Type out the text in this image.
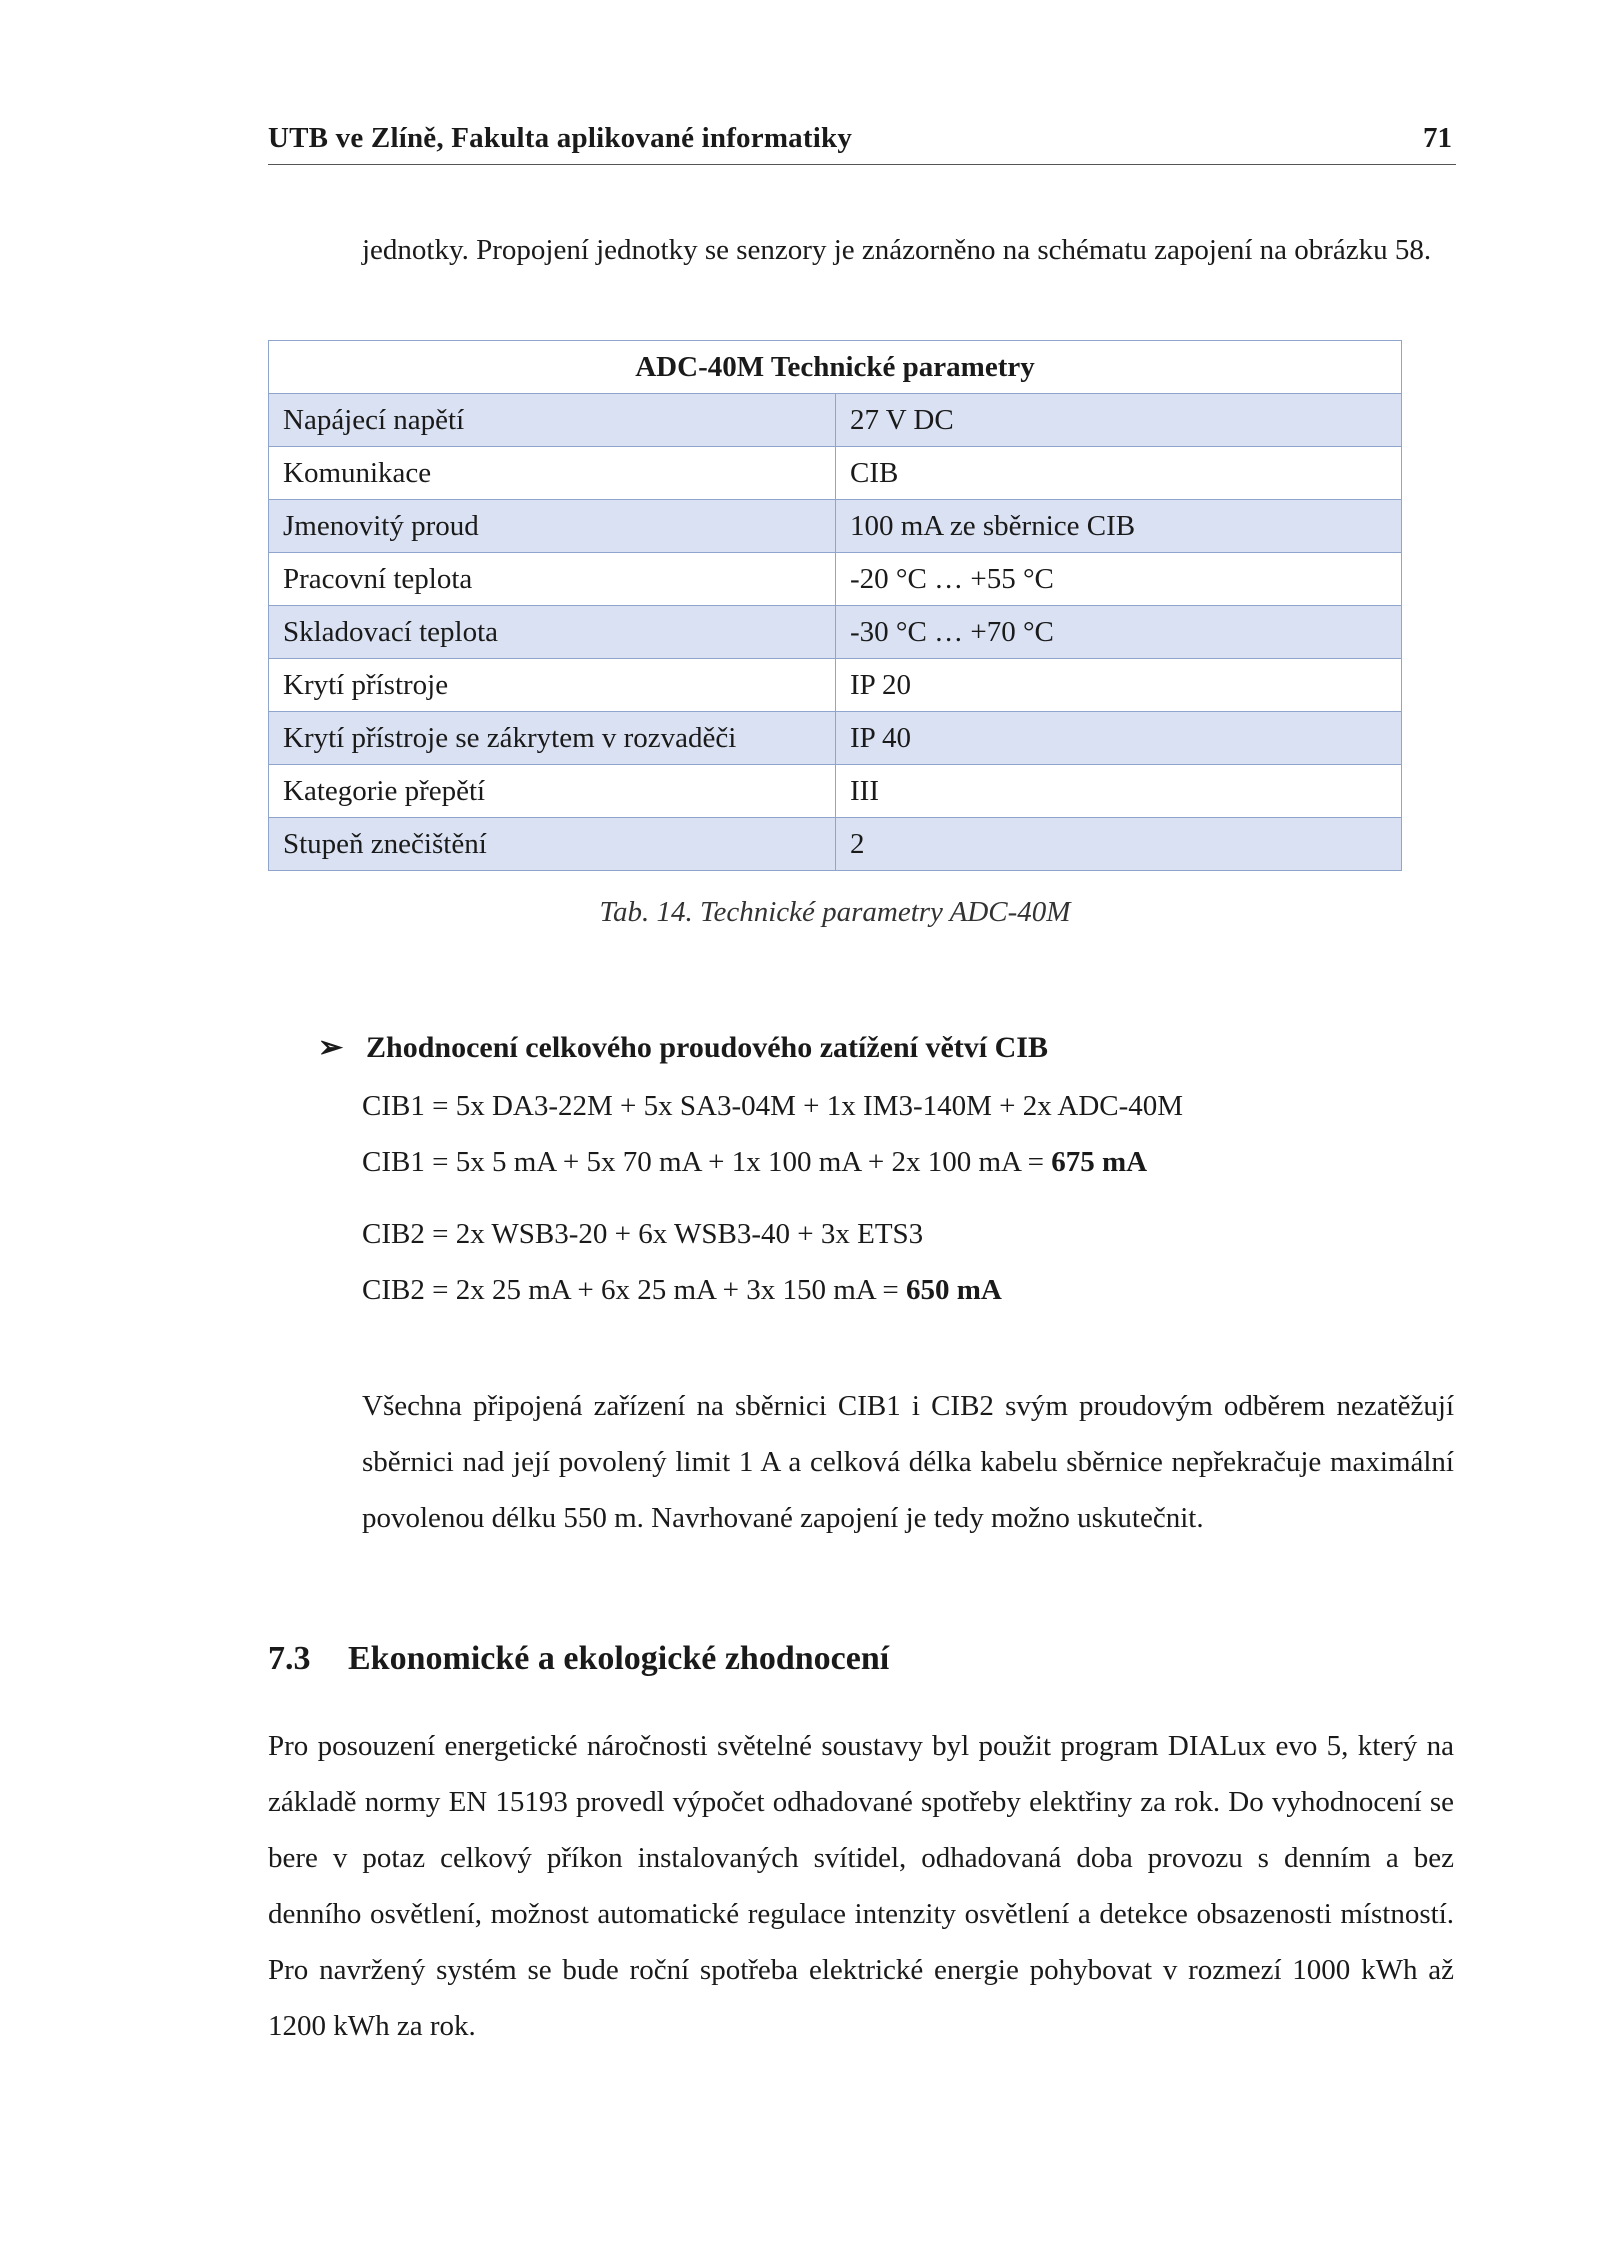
UTB ve Zlíně, Fakulta aplikované informatiky	71
jednotky. Propojení jednotky se senzory je znázorněno na schématu zapojení na obrázku 58.
ADC-40M Technické parametry	
Napájecí napětí	27 V DC
Komunikace	CIB
Jmenovitý proud	100 mA ze sběrnice CIB
Pracovní teplota	-20 °C … +55 °C
Skladovací teplota	-30 °C … +70 °C
Krytí přístroje	IP 20
Krytí přístroje se zákrytem v rozvaděči	IP 40
Kategorie přepětí	III
Stupeň znečištění	2
Tab. 14. Technické parametry ADC-40M
➢ Zhodnocení celkového proudového zatížení větví CIB
CIB1 = 5x DA3-22M + 5x SA3-04M + 1x IM3-140M + 2x ADC-40M
CIB1 = 5x 5 mA + 5x 70 mA + 1x 100 mA + 2x 100 mA = 675 mA
CIB2 = 2x WSB3-20 + 6x WSB3-40 + 3x ETS3
CIB2 = 2x 25 mA + 6x 25 mA + 3x 150 mA = 650 mA
Všechna připojená zařízení na sběrnici CIB1 i CIB2 svým proudovým odběrem nezatěžují sběrnici nad její povolený limit 1 A a celková délka kabelu sběrnice nepřekračuje maximální povolenou délku 550 m. Navrhované zapojení je tedy možno uskutečnit.
7.3 Ekonomické a ekologické zhodnocení
Pro posouzení energetické náročnosti světelné soustavy byl použit program DIALux evo 5, který na základě normy EN 15193 provedl výpočet odhadované spotřeby elektřiny za rok. Do vyhodnocení se bere v potaz celkový příkon instalovaných svítidel, odhadovaná doba provozu s denním a bez denního osvětlení, možnost automatické regulace intenzity osvětlení a detekce obsazenosti místností. Pro navržený systém se bude roční spotřeba elektrické energie pohybovat v rozmezí 1000 kWh až 1200 kWh za rok.
